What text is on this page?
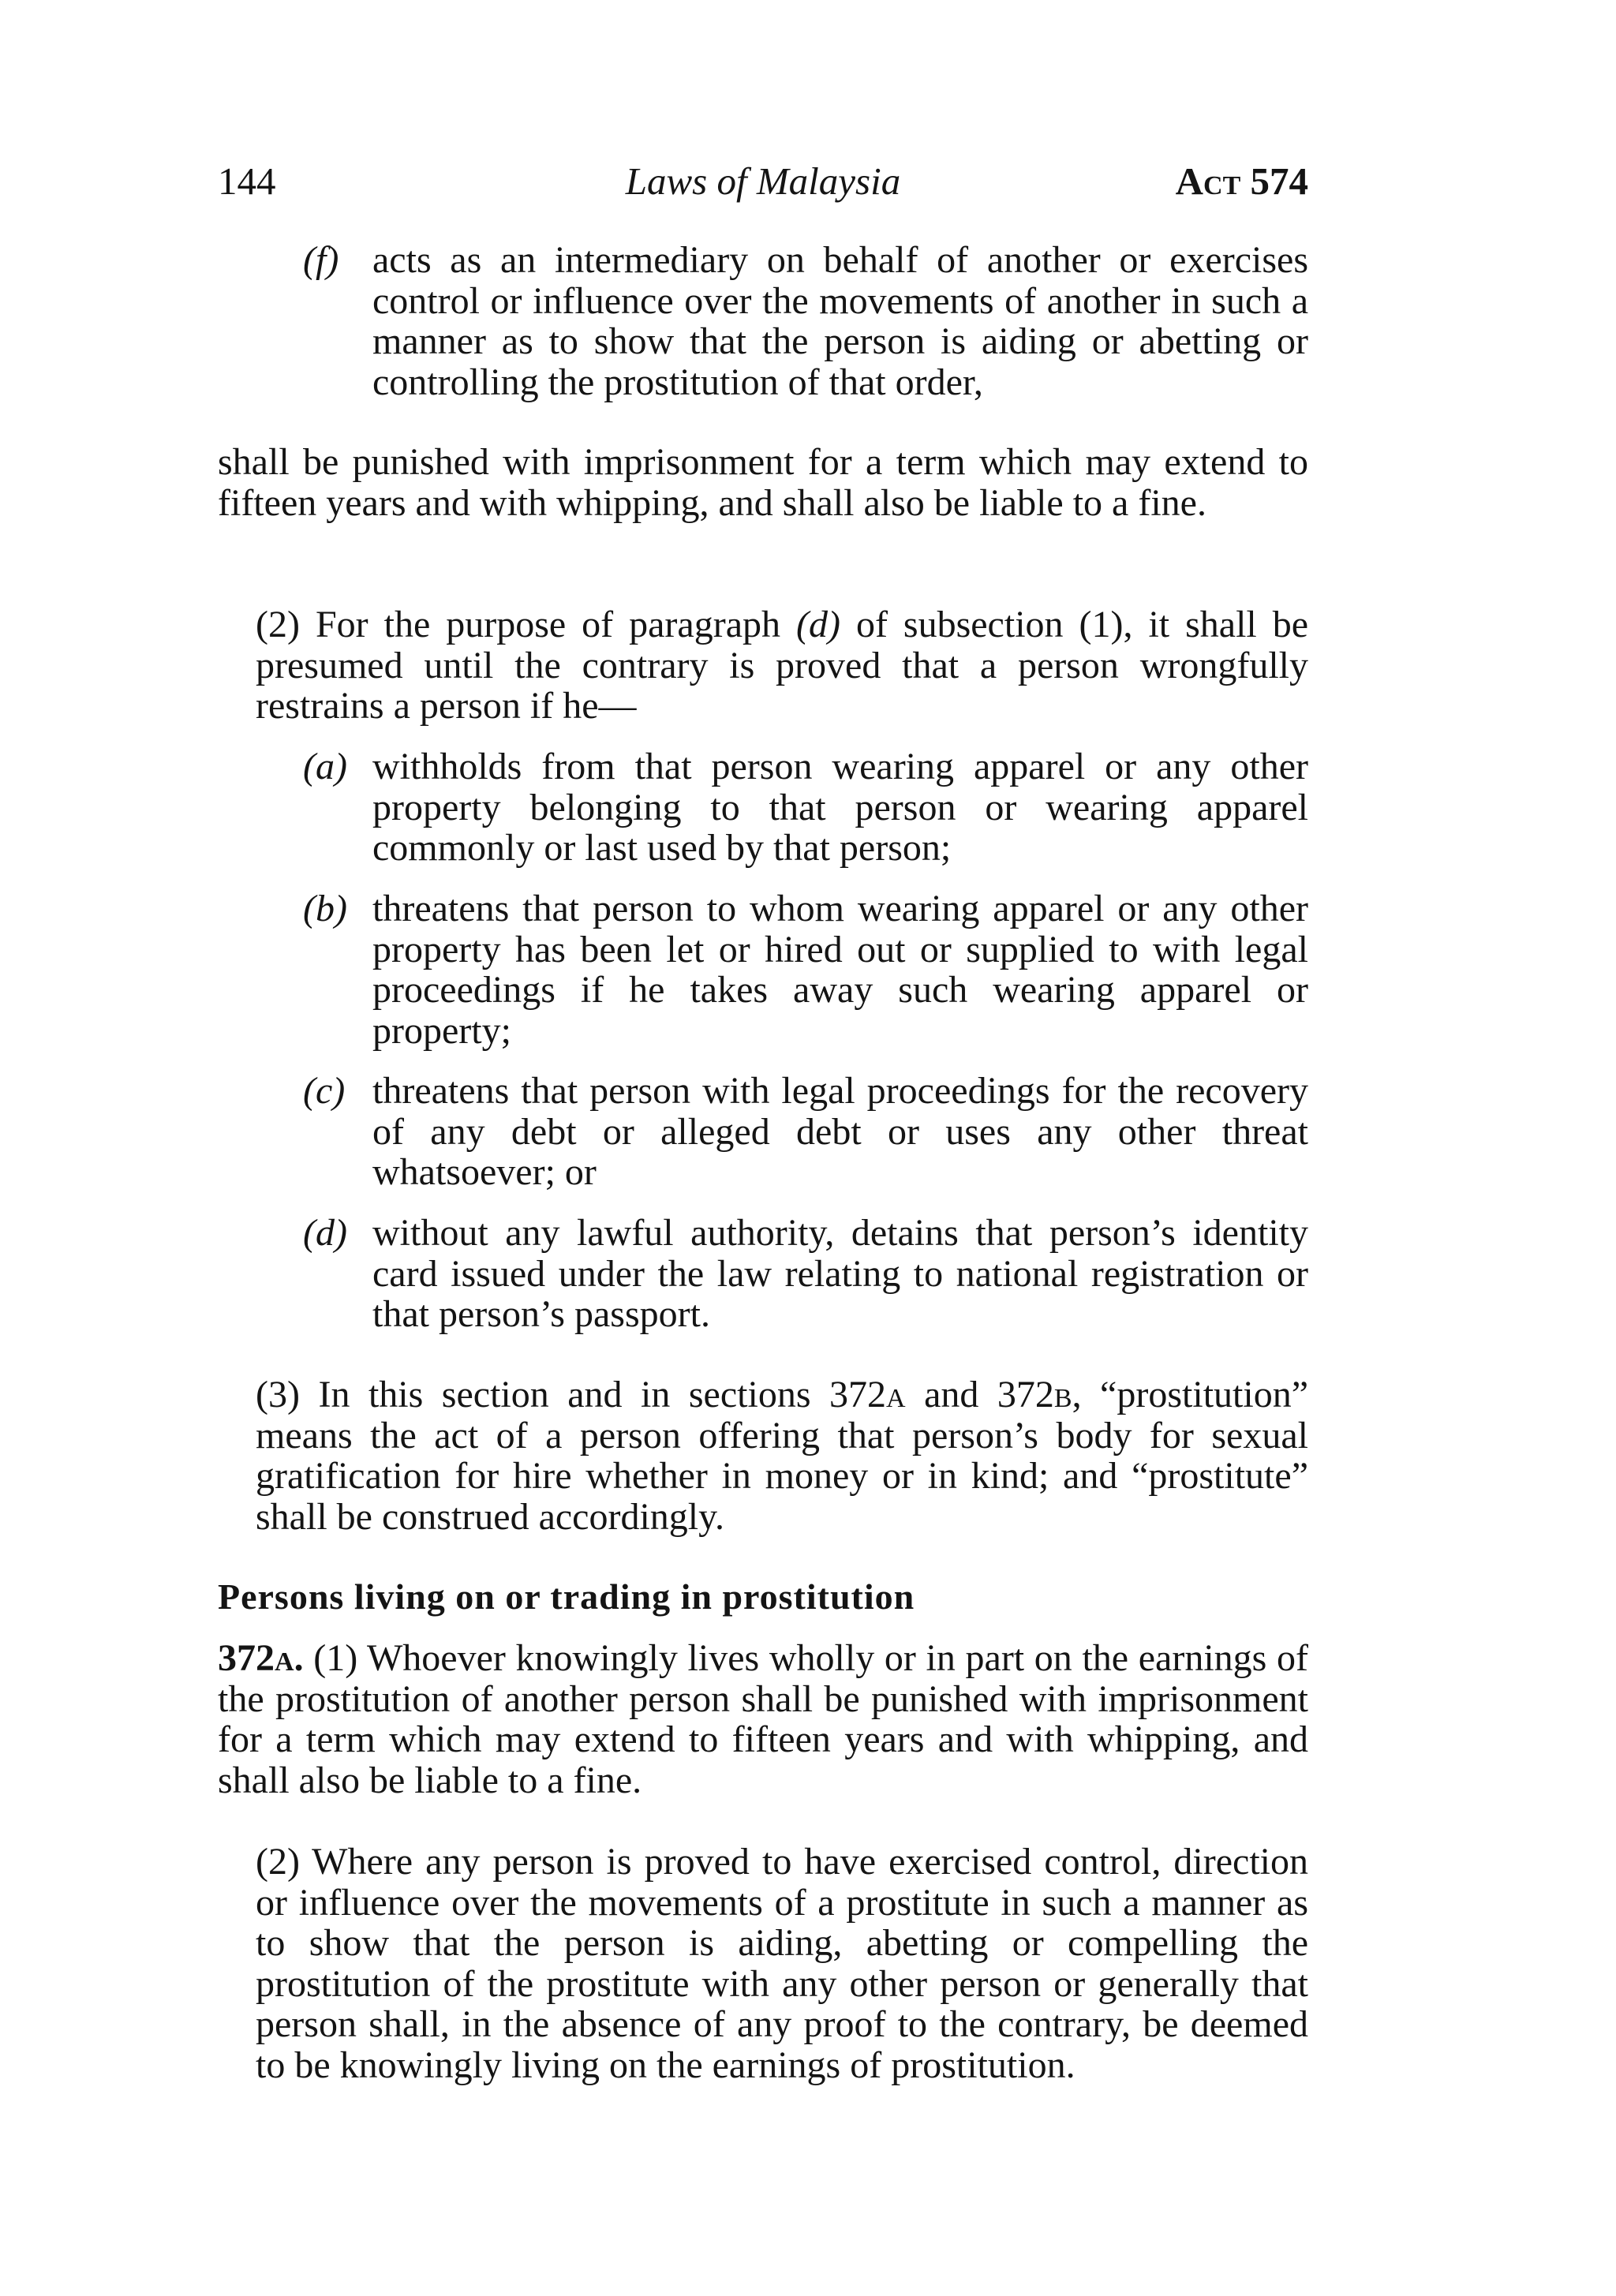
144	Laws of Malaysia	Act 574
(f) acts as an intermediary on behalf of another or exercises control or influence over the movements of another in such a manner as to show that the person is aiding or abetting or controlling the prostitution of that order,
shall be punished with imprisonment for a term which may extend to fifteen years and with whipping, and shall also be liable to a fine.
(2) For the purpose of paragraph (d) of subsection (1), it shall be presumed until the contrary is proved that a person wrongfully restrains a person if he—
(a) withholds from that person wearing apparel or any other property belonging to that person or wearing apparel commonly or last used by that person;
(b) threatens that person to whom wearing apparel or any other property has been let or hired out or supplied to with legal proceedings if he takes away such wearing apparel or property;
(c) threatens that person with legal proceedings for the recovery of any debt or alleged debt or uses any other threat whatsoever; or
(d) without any lawful authority, detains that person’s identity card issued under the law relating to national registration or that person’s passport.
(3) In this section and in sections 372a and 372b, “prostitution” means the act of a person offering that person’s body for sexual gratification for hire whether in money or in kind; and “prostitute” shall be construed accordingly.
Persons living on or trading in prostitution
372a. (1) Whoever knowingly lives wholly or in part on the earnings of the prostitution of another person shall be punished with imprisonment for a term which may extend to fifteen years and with whipping, and shall also be liable to a fine.
(2) Where any person is proved to have exercised control, direction or influence over the movements of a prostitute in such a manner as to show that the person is aiding, abetting or compelling the prostitution of the prostitute with any other person or generally that person shall, in the absence of any proof to the contrary, be deemed to be knowingly living on the earnings of prostitution.
